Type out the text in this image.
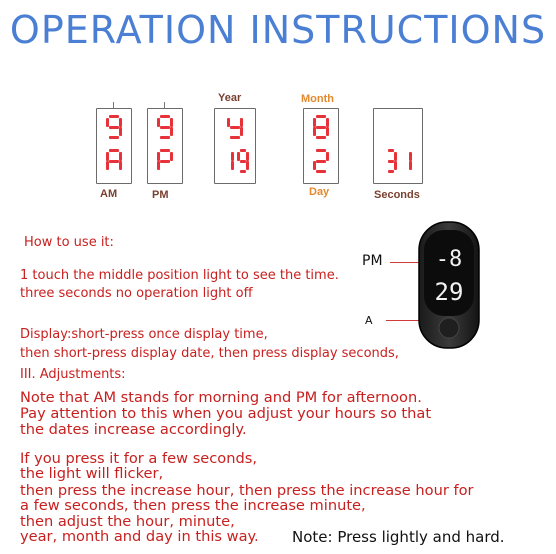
OPERATION INSTRUCTIONS
AM	PM
Year	Month
Day	Seconds
How to use it:
1 touch the middle position light to see the time.
three seconds no operation light off
Display:short-press once display time,
then short-press display date, then press display seconds,
III. Adjustments:
Note that AM stands for morning and PM for afternoon.
Pay attention to this when you adjust your hours so that
the dates increase accordingly.
If you press it for a few seconds,
the light will flicker,
then press the increase hour, then press the increase hour for
a few seconds, then press the increase minute,
then adjust the hour, minute,
year, month and day in this way. Note: Press lightly and hard.
PM
A
-8
29
